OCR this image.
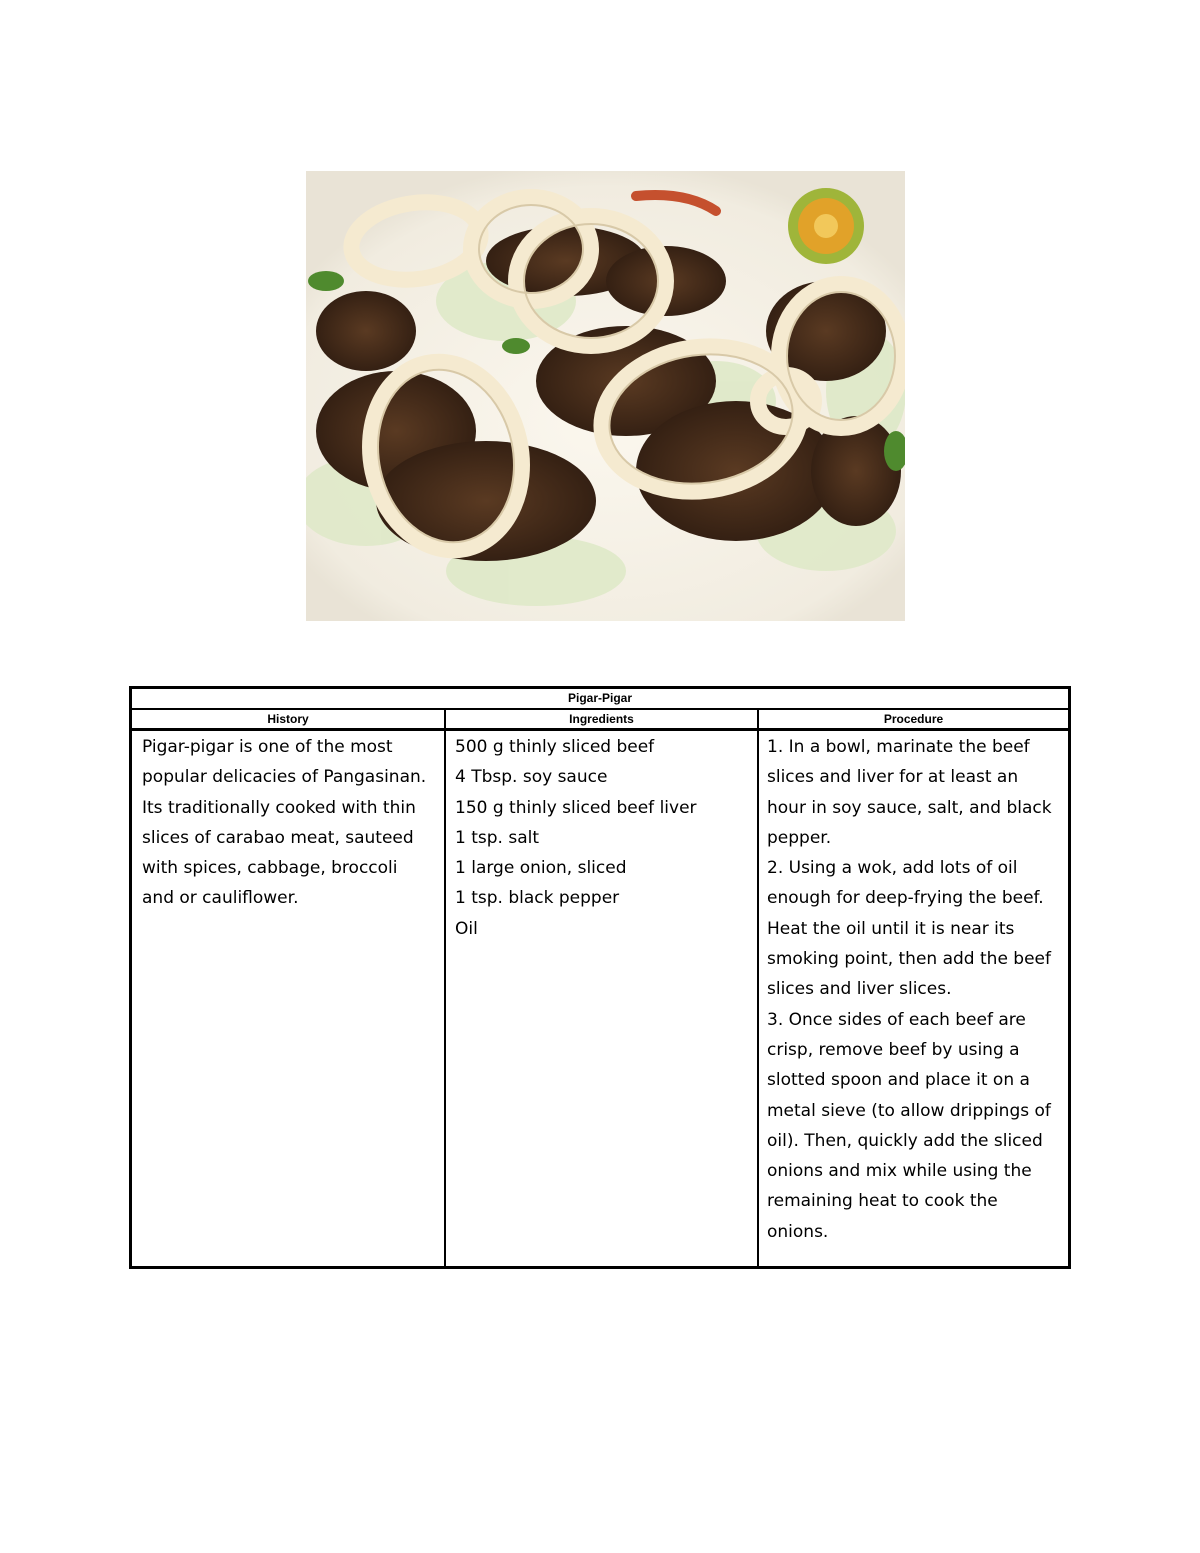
Pigar-Pigar
History	Ingredients	Procedure
Pigar-pigar is one of the most
popular delicacies of Pangasinan.
Its traditionally cooked with thin
slices of carabao meat, sauteed
with spices, cabbage, broccoli
and or cauliflower.
500 g thinly sliced beef
4 Tbsp. soy sauce
150 g thinly sliced beef liver
1 tsp. salt
1 large onion, sliced
1 tsp. black pepper
Oil
1. In a bowl, marinate the beef
slices and liver for at least an
hour in soy sauce, salt, and black
pepper.
2. Using a wok, add lots of oil
enough for deep-frying the beef.
Heat the oil until it is near its
smoking point, then add the beef
slices and liver slices.
3. Once sides of each beef are
crisp, remove beef by using a
slotted spoon and place it on a
metal sieve (to allow drippings of
oil). Then, quickly add the sliced
onions and mix while using the
remaining heat to cook the
onions.
